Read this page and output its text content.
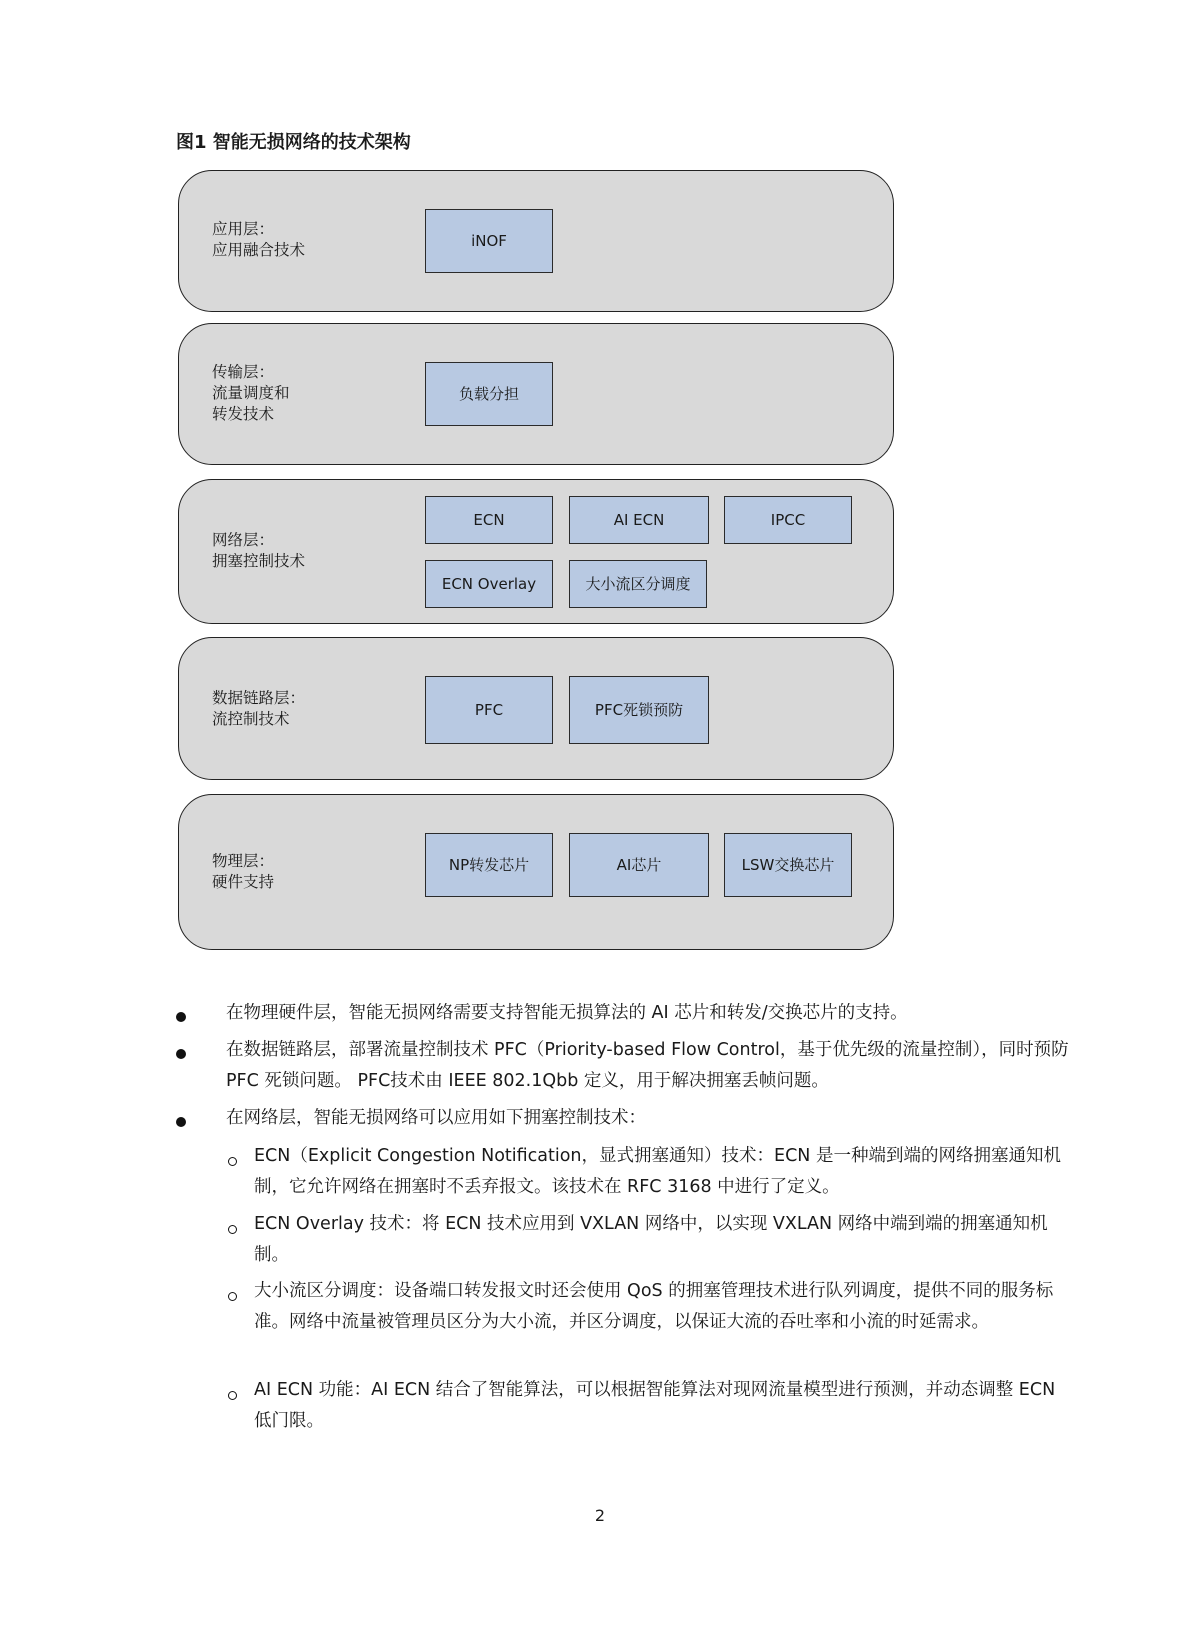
图1 智能无损网络的技术架构
应用层：
应用融合技术
iNOF
传输层：
流量调度和
转发技术
负载分担
网络层：
拥塞控制技术
ECN	AI ECN	IPCC
ECN Overlay	大小流区分调度
数据链路层：
流控制技术
PFC	PFC死锁预防
物理层：
硬件支持
NP转发芯片	AI芯片	LSW交换芯片

在物理硬件层，智能无损网络需要支持智能无损算法的 AI 芯片和转发/交换芯片的支持。

在数据链路层，部署流量控制技术 PFC（Priority-based Flow Control，基于优先级的流量控制），同时预防 PFC 死锁问题。 PFC技术由 IEEE 802.1Qbb 定义，用于解决拥塞丢帧问题。

在网络层，智能无损网络可以应用如下拥塞控制技术：

ECN（Explicit Congestion Notification，显式拥塞通知）技术：ECN 是一种端到端的网络拥塞通知机制，它允许网络在拥塞时不丢弃报文。该技术在 RFC 3168 中进行了定义。

ECN Overlay 技术：将 ECN 技术应用到 VXLAN 网络中，以实现 VXLAN 网络中端到端的拥塞通知机制。

大小流区分调度：设备端口转发报文时还会使用 QoS 的拥塞管理技术进行队列调度，提供不同的服务标准。网络中流量被管理员区分为大小流，并区分调度，以保证大流的吞吐率和小流的时延需求。

AI ECN 功能：AI ECN 结合了智能算法，可以根据智能算法对现网流量模型进行预测，并动态调整 ECN 低门限。

2
